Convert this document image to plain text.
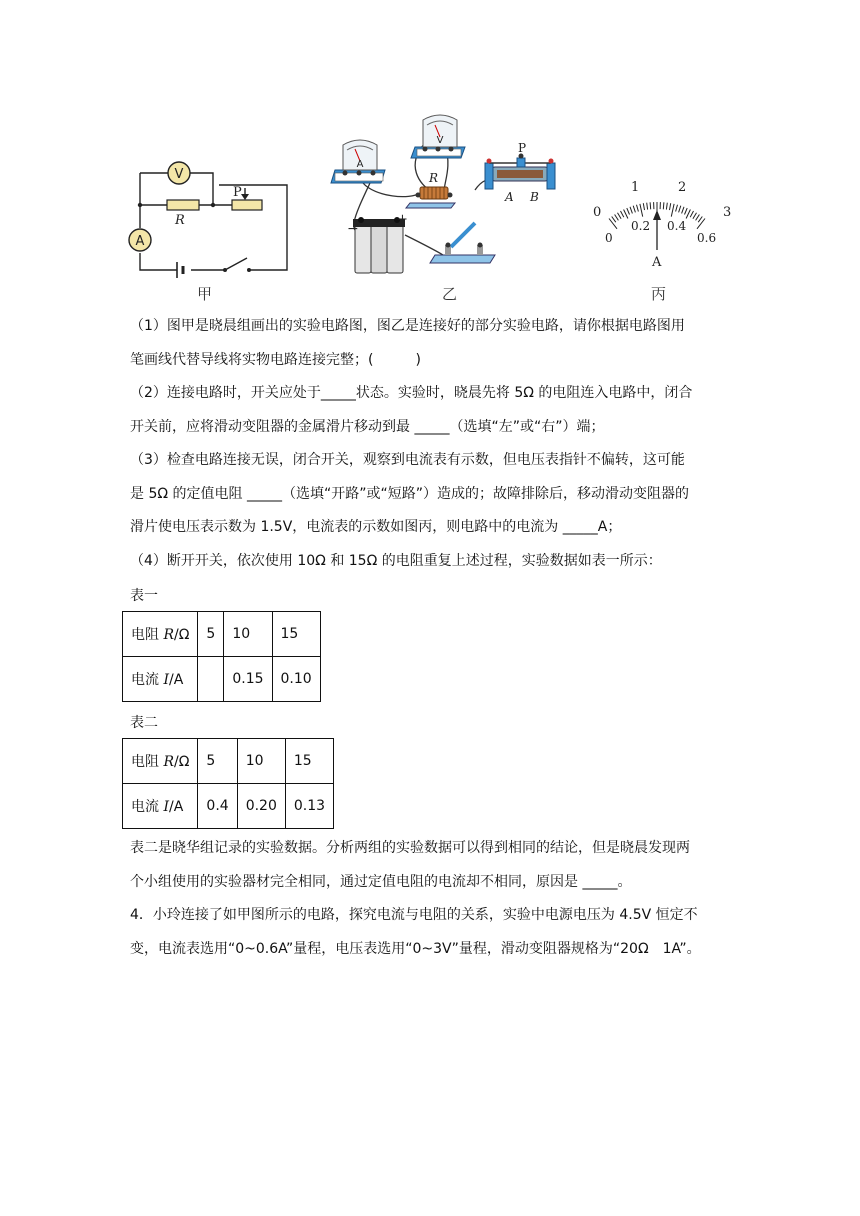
V
R
P
A
甲
A
V
R
P
A B
−
+
乙
0
1	2
3
0
0.2 0.4
0.6
A
丙
（1）图甲是晓晨组画出的实验电路图，图乙是连接好的部分实验电路，请你根据电路图用
笔画线代替导线将实物电路连接完整；(　　　)
（2）连接电路时，开关应处于_____状态。实验时，晓晨先将 5Ω 的电阻连入电路中，闭合
开关前，应将滑动变阻器的金属滑片移动到最 _____（选填“左”或“右”）端；
（3）检查电路连接无误，闭合开关，观察到电流表有示数，但电压表指针不偏转，这可能
是 5Ω 的定值电阻 _____（选填“开路”或“短路”）造成的；故障排除后，移动滑动变阻器的
滑片使电压表示数为 1.5V，电流表的示数如图丙，则电路中的电流为 _____A；
（4）断开开关，依次使用 10Ω 和 15Ω 的电阻重复上述过程，实验数据如表一所示：
表一
电阻 R/Ω	5	10	15
电流 I/A		0.15	0.10
表二
电阻 R/Ω	5	10	15
电流 I/A	0.4	0.20	0.13
表二是晓华组记录的实验数据。分析两组的实验数据可以得到相同的结论，但是晓晨发现两
个小组使用的实验器材完全相同，通过定值电阻的电流却不相同，原因是 _____。
4．小玲连接了如甲图所示的电路，探究电流与电阻的关系，实验中电源电压为 4.5V 恒定不
变，电流表选用“0~0.6A”量程，电压表选用“0~3V”量程，滑动变阻器规格为“20Ω　1A”。
